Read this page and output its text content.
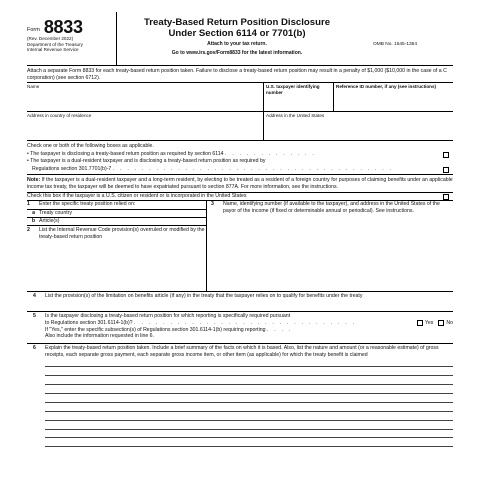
Form 8833
(Rev. December 2022)
Department of the Treasury
Internal Revenue Service
Treaty-Based Return Position Disclosure
Under Section 6114 or 7701(b)
Attach to your tax return.
Go to www.irs.gov/Form8833 for the latest information.
OMB No. 1545-1354
Attach a separate Form 8833 for each treaty-based return position taken. Failure to disclose a treaty-based return position may result in a penalty of $1,000 ($10,000 in the case of a C corporation) (see section 6712).
Name	U.S. taxpayer identifying number
Reference ID number, if any (see instructions)
Address in country of residence	Address in the United States
Check one or both of the following boxes as applicable.
• The taxpayer is disclosing a treaty-based return position as required by section 6114 . . . . . . . . . . . . .
• The taxpayer is a dual-resident taxpayer and is disclosing a treaty-based return position as required by
Regulations section 301.7701(b)-7 . . . . . . . . . . . . . . . . . . . . . . . . . . . . . . . . . . . . . . .
Note: If the taxpayer is a dual-resident taxpayer and a long-term resident, by electing to be treated as a resident of a foreign country for purposes of claiming benefits under an applicable income tax treaty, the taxpayer will be deemed to have expatriated pursuant to section 877A. For more information, see the instructions.
Check this box if the taxpayer is a U.S. citizen or resident or is incorporated in the United States
1	Enter the specific treaty position relied on:
a Treaty country
b Article(s)
2	List the Internal Revenue Code provision(s) overruled or modified by the treaty-based return position
3	Name, identifying number (if available to the taxpayer), and address in the United States of the payor of the income (if fixed or determinable annual or periodical). See instructions.
4	List the provision(s) of the limitation on benefits article (if any) in the treaty that the taxpayer relies on to qualify for benefits under the treaty
5	Is the taxpayer disclosing a treaty-based return position for which reporting is specifically required pursuant
to Regulations section 301.6114-1(b)? . . . . . . . . . . . . . . . . . . . . . . . . . . . . . . .	Yes	No
If "Yes," enter the specific subsection(s) of Regulations section 301.6114-1(b) requiring reporting . . . .
Also include the information requested in line 6.
6	Explain the treaty-based return position taken. Include a brief summary of the facts on which it is based. Also, list the nature and amount (or a reasonable estimate) of gross receipts, each separate gross payment, each separate gross income item, or other item (as applicable) for which the treaty benefit is claimed
